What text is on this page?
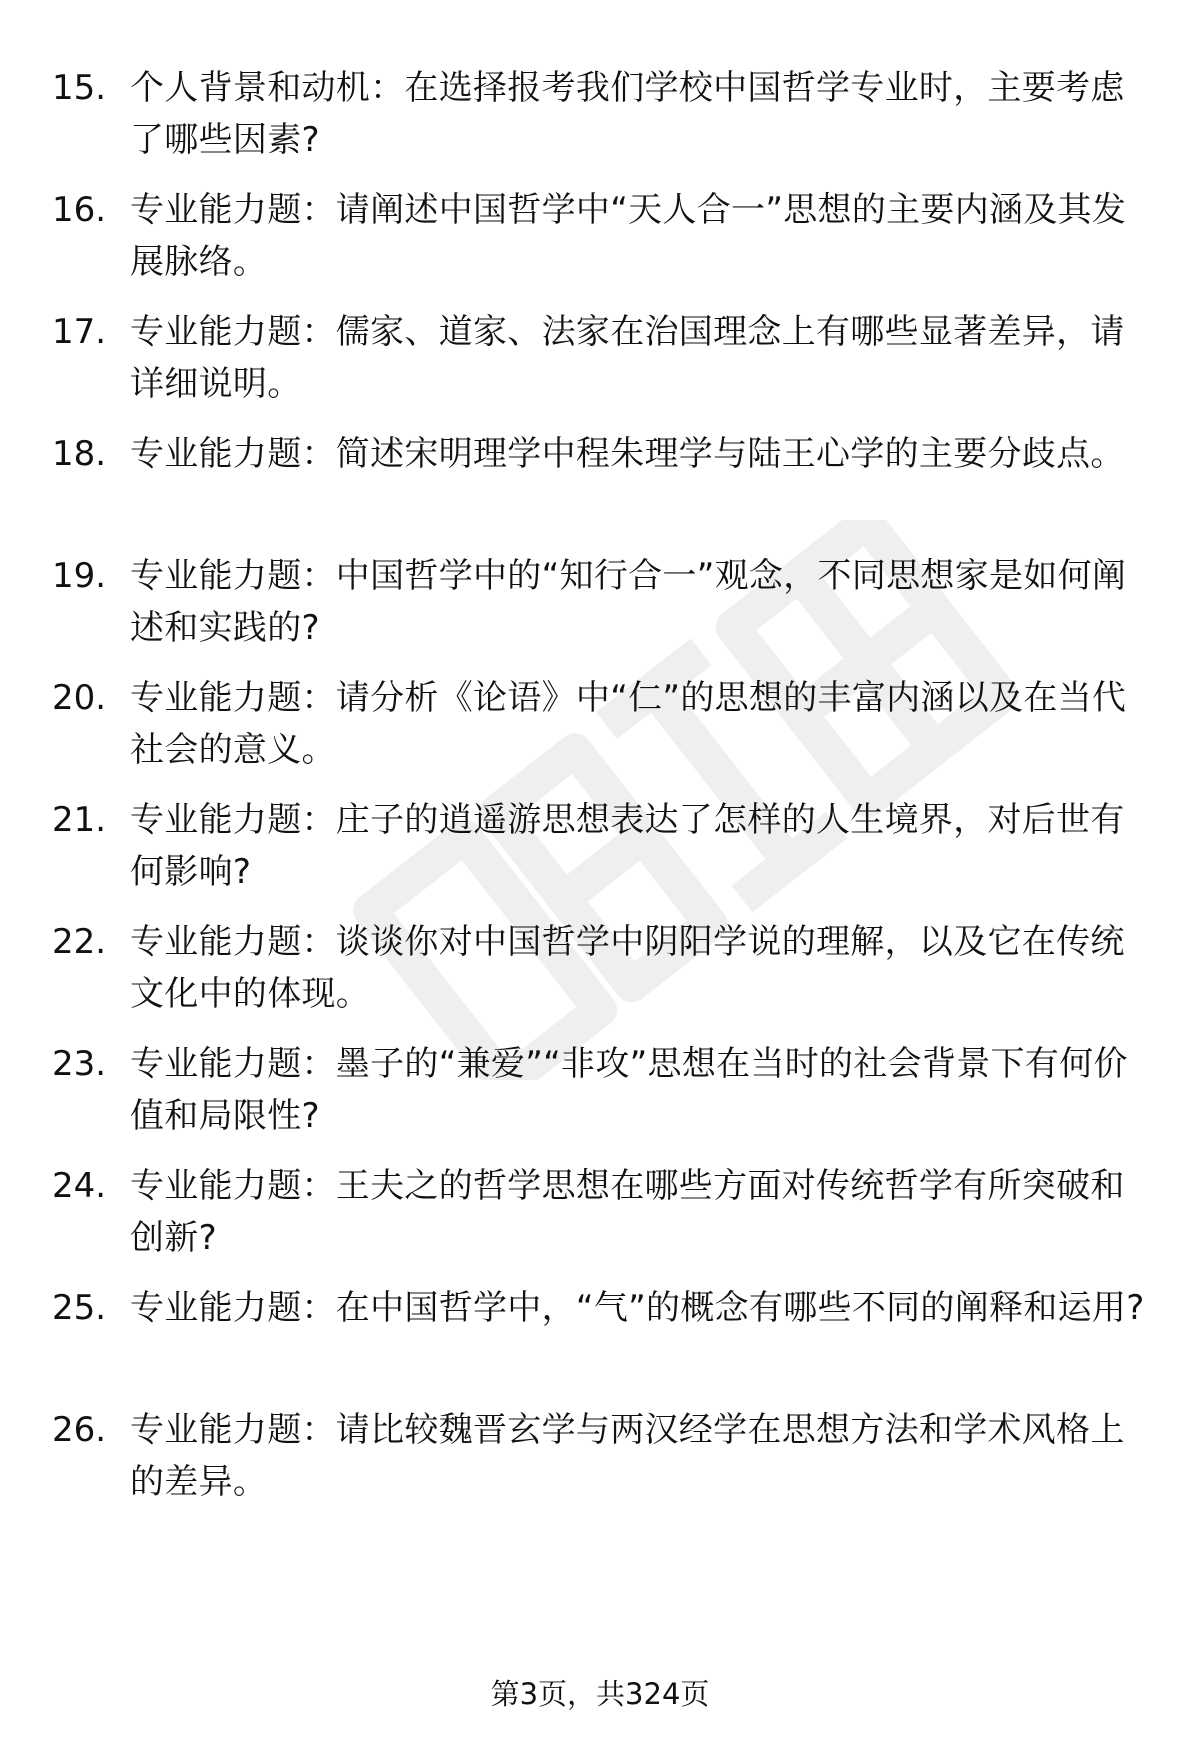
15. 个人背景和动机：在选择报考我们学校中国哲学专业时，主要考虑了哪些因素?
16. 专业能力题：请阐述中国哲学中“天人合一”思想的主要内涵及其发展脉络。
17. 专业能力题：儒家、道家、法家在治国理念上有哪些显著差异，请详细说明。
18. 专业能力题：简述宋明理学中程朱理学与陆王心学的主要分歧点。
19. 专业能力题：中国哲学中的“知行合一”观念，不同思想家是如何阐述和实践的?
20. 专业能力题：请分析《论语》中“仁”的思想的丰富内涵以及在当代社会的意义。
21. 专业能力题：庄子的逍遥游思想表达了怎样的人生境界，对后世有何影响?
22. 专业能力题：谈谈你对中国哲学中阴阳学说的理解，以及它在传统文化中的体现。
23. 专业能力题：墨子的“兼爱”“非攻”思想在当时的社会背景下有何价值和局限性?
24. 专业能力题：王夫之的哲学思想在哪些方面对传统哲学有所突破和创新?
25. 专业能力题：在中国哲学中，“气”的概念有哪些不同的阐释和运用?
26. 专业能力题：请比较魏晋玄学与两汉经学在思想方法和学术风格上的差异。
第3页，共324页
